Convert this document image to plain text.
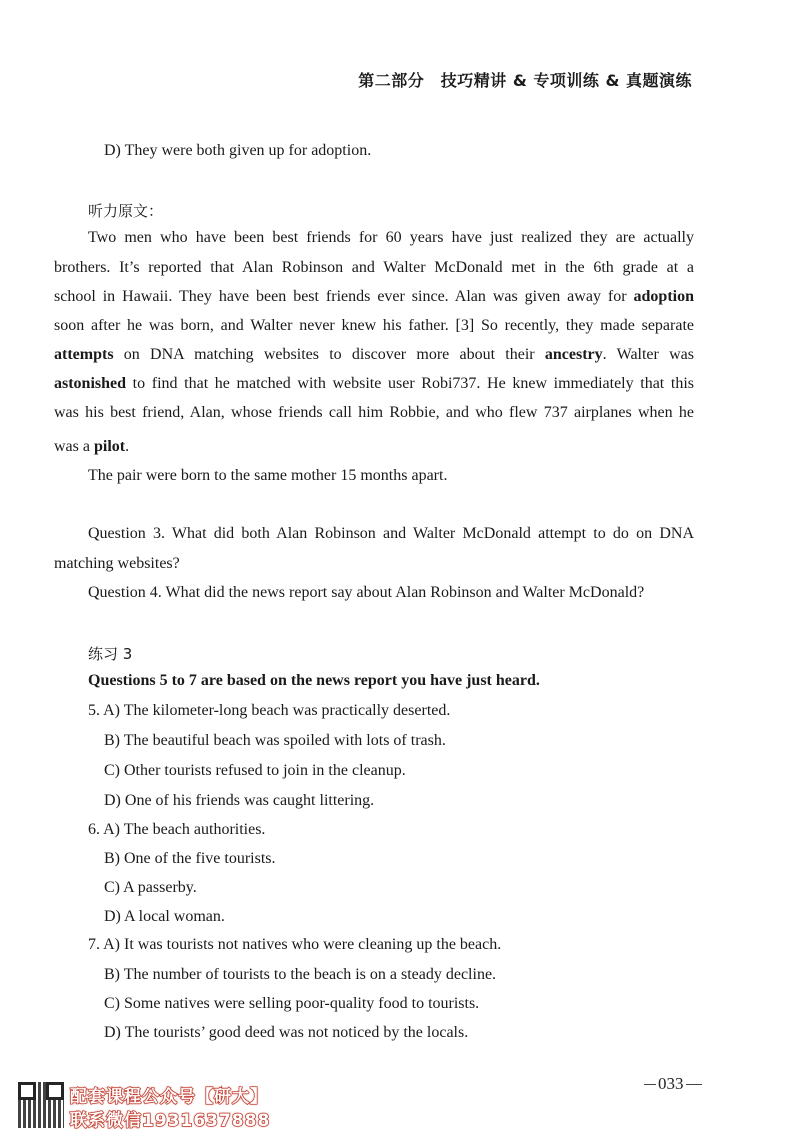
第二部分　技巧精讲 & 专项训练 & 真题演练
D) They were both given up for adoption.
听力原文：
Two men who have been best friends for 60 years have just realized they are actually
brothers. It’s reported that Alan Robinson and Walter McDonald met in the 6th grade at a
school in Hawaii. They have been best friends ever since. Alan was given away for adoption
soon after he was born, and Walter never knew his father. [3] So recently, they made separate
attempts on DNA matching websites to discover more about their ancestry. Walter was
astonished to find that he matched with website user Robi737. He knew immediately that this
was his best friend, Alan, whose friends call him Robbie, and who flew 737 airplanes when he
was a pilot.
The pair were born to the same mother 15 months apart.
Question 3. What did both Alan Robinson and Walter McDonald attempt to do on DNA
matching websites?
Question 4. What did the news report say about Alan Robinson and Walter McDonald?
练习 3
Questions 5 to 7 are based on the news report you have just heard.
5. A) The kilometer-long beach was practically deserted.
B) The beautiful beach was spoiled with lots of trash.
C) Other tourists refused to join in the cleanup.
D) One of his friends was caught littering.
6. A) The beach authorities.
B) One of the five tourists.
C) A passerby.
D) A local woman.
7. A) It was tourists not natives who were cleaning up the beach.
B) The number of tourists to the beach is on a steady decline.
C) Some natives were selling poor-quality food to tourists.
D) The tourists’ good deed was not noticed by the locals.
配套课程公众号【研大】
联系微信1931637888
033
